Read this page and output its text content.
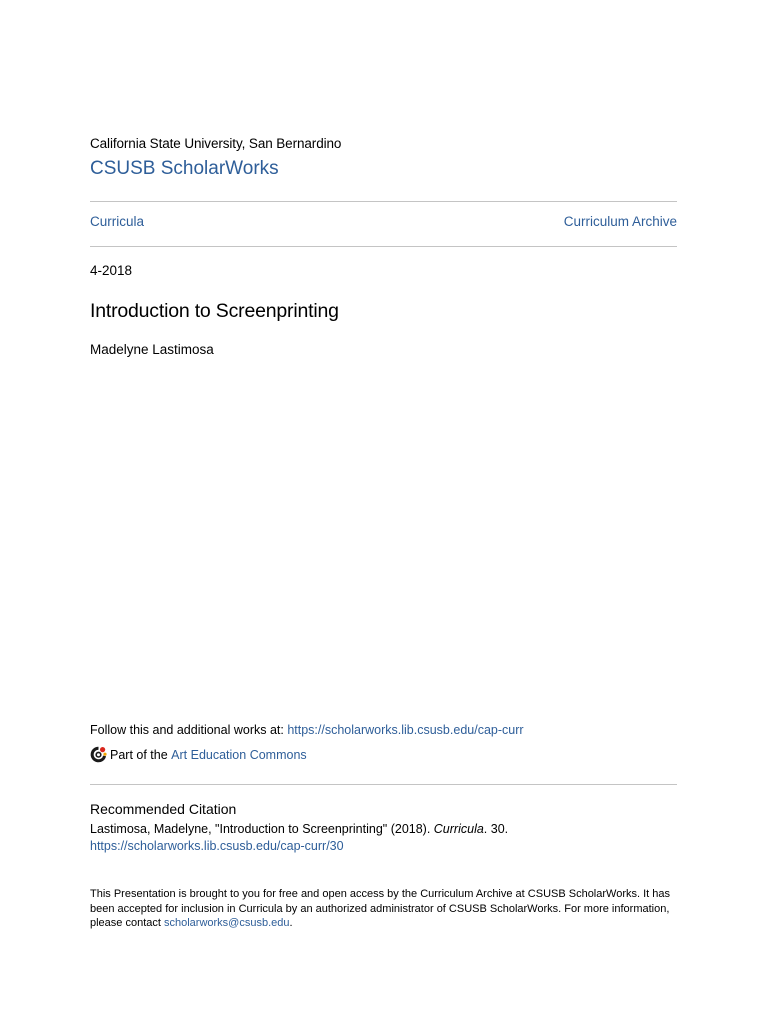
California State University, San Bernardino
CSUSB ScholarWorks
Curricula	Curriculum Archive
4-2018
Introduction to Screenprinting
Madelyne Lastimosa
Follow this and additional works at: https://scholarworks.lib.csusb.edu/cap-curr
Part of the
Art Education Commons
Recommended Citation
Lastimosa, Madelyne, "Introduction to Screenprinting" (2018). Curricula. 30.
https://scholarworks.lib.csusb.edu/cap-curr/30
This Presentation is brought to you for free and open access by the Curriculum Archive at CSUSB ScholarWorks. It has been accepted for inclusion in Curricula by an authorized administrator of CSUSB ScholarWorks. For more information, please contact scholarworks@csusb.edu.
